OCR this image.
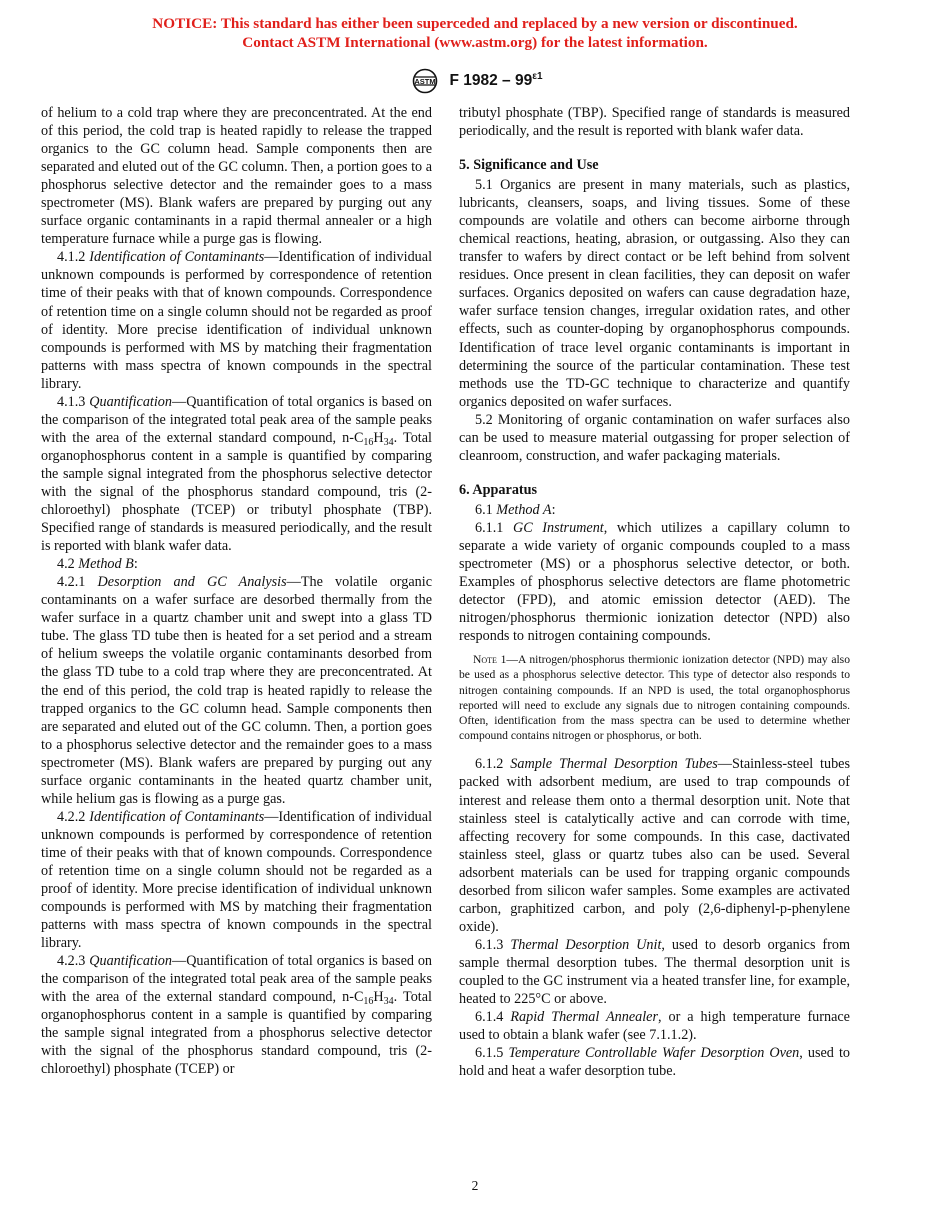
NOTICE: This standard has either been superceded and replaced by a new version or discontinued.
Contact ASTM International (www.astm.org) for the latest information.
ASTM F $1982 - 99^{\varepsilon 1}$

of helium to a cold trap where they are preconcentrated. At the end of this period, the cold trap is heated rapidly to release the trapped organics to the GC column head. Sample components then are separated and eluted out of the GC column. Then, a portion goes to a phosphorus selective detector and the remainder goes to a mass spectrometer (MS). Blank wafers are prepared by purging out any surface organic contaminants in a rapid thermal annealer or a high temperature furnace while a purge gas is flowing.

4.1.2 Identification of Contaminants—Identification of individual unknown compounds is performed by correspondence of retention time of their peaks with that of known compounds. Correspondence of retention time on a single column should not be regarded as proof of identity. More precise identification of individual unknown compounds is performed with MS by matching their fragmentation patterns with mass spectra of known compounds in the spectral library.

4.1.3 Quantification—Quantification of total organics is based on the comparison of the integrated total peak area of the sample peaks with the area of the external standard compound, $n-C_{16}H_{34}$. Total organophosphorus content in a sample is quantified by comparing the sample signal integrated from the phosphorus selective detector with the signal of the phosphorus standard compound, tris (2-chloroethyl) phosphate (TCEP) or tributyl phosphate (TBP). Specified range of standards is measured periodically, and the result is reported with blank wafer data.

4.2 Method B:

4.2.1 Desorption and GC Analysis—The volatile organic contaminants on a wafer surface are desorbed thermally from the wafer surface in a quartz chamber unit and swept into a glass TD tube. The glass TD tube then is heated for a set period and a stream of helium sweeps the volatile organic contaminants desorbed from the glass TD tube to a cold trap where they are preconcentrated. At the end of this period, the cold trap is heated rapidly to release the trapped organics to the GC column head. Sample components then are separated and eluted out of the GC column. Then, a portion goes to a phosphorus selective detector and the remainder goes to a mass spectrometer (MS). Blank wafers are prepared by purging out any surface organic contaminants in the heated quartz chamber unit, while helium gas is flowing as a purge gas.

4.2.2 Identification of Contaminants—Identification of individual unknown compounds is performed by correspondence of retention time of their peaks with that of known compounds. Correspondence of retention time on a single column should not be regarded as a proof of identity. More precise identification of individual unknown compounds is performed with MS by matching their fragmentation patterns with mass spectra of known compounds in the spectral library.

4.2.3 Quantification—Quantification of total organics is based on the comparison of the integrated total peak area of the sample peaks with the area of the external standard compound, $n-C_{16}H_{34}$. Total organophosphorus content in a sample is quantified by comparing the sample signal integrated from a phosphorus selective detector with the signal of the phosphorus standard compound, tris (2-chloroethyl) phosphate (TCEP) or

tributyl phosphate (TBP). Specified range of standards is measured periodically, and the result is reported with blank wafer data.

5. Significance and Use

5.1 Organics are present in many materials, such as plastics, lubricants, cleansers, soaps, and living tissues. Some of these compounds are volatile and others can become airborne through chemical reactions, heating, abrasion, or outgassing. Also they can transfer to wafers by direct contact or be left behind from solvent residues. Once present in clean facilities, they can deposit on wafer surfaces. Organics deposited on wafers can cause degradation haze, wafer surface tension changes, irregular oxidation rates, and other effects, such as counter-doping by organophosphorus compounds. Identification of trace level organic contaminants is important in determining the source of the particular contamination. These test methods use the TD-GC technique to characterize and quantify organics deposited on wafer surfaces.

5.2 Monitoring of organic contamination on wafer surfaces also can be used to measure material outgassing for proper selection of cleanroom, construction, and wafer packaging materials.

6. Apparatus

6.1 Method A:

6.1.1 GC Instrument, which utilizes a capillary column to separate a wide variety of organic compounds coupled to a mass spectrometer (MS) or a phosphorus selective detector, or both. Examples of phosphorus selective detectors are flame photometric detector (FPD), and atomic emission detector (AED). The nitrogen/phosphorus thermionic ionization detector (NPD) also responds to nitrogen containing compounds.

Note 1—A nitrogen/phosphorus thermionic ionization detector (NPD) may also be used as a phosphorus selective detector. This type of detector also responds to nitrogen containing compounds. If an NPD is used, the total organophosphorus reported will need to exclude any signals due to nitrogen containing compounds. Often, identification from the mass spectra can be used to determine whether compound contains nitrogen or phosphorus, or both.

6.1.2 Sample Thermal Desorption Tubes—Stainless-steel tubes packed with adsorbent medium, are used to trap compounds of interest and release them onto a thermal desorption unit. Note that stainless steel is catalytically active and can corrode with time, affecting recovery for some compounds. In this case, dactivated stainless steel, glass or quartz tubes also can be used. Several adsorbent materials can be used for trapping organic compounds desorbed from silicon wafer samples. Some examples are activated carbon, graphitized carbon, and poly (2,6-diphenyl-p-phenylene oxide).

6.1.3 Thermal Desorption Unit, used to desorb organics from sample thermal desorption tubes. The thermal desorption unit is coupled to the GC instrument via a heated transfer line, for example, heated to 225°C or above.

6.1.4 Rapid Thermal Annealer, or a high temperature furnace used to obtain a blank wafer (see 7.1.1.2).

6.1.5 Temperature Controllable Wafer Desorption Oven, used to hold and heat a wafer desorption tube.

2
